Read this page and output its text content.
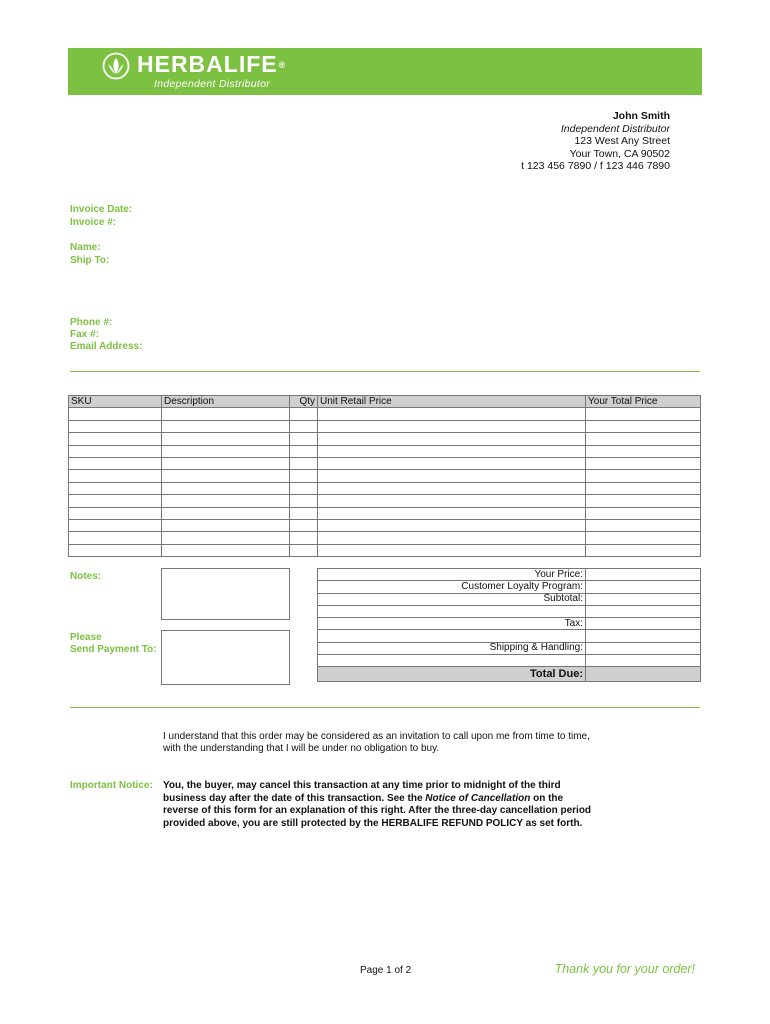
HERBALIFE®
Independent Distributor
John Smith
Independent Distributor
123 West Any Street
Your Town, CA 90502
t 123 456 7890 / f 123 446 7890
Invoice Date:
Invoice #:
Name:
Ship To:
Phone #:
Fax #:
Email Address:
SKU	Description	Qty	Unit Retail Price	Your Total Price

Notes:
Please
Send Payment To:
Your Price:	
Customer Loyalty Program:	
Subtotal:	

Tax:	

Shipping & Handling:	

Total Due:	
I understand that this order may be considered as an invitation to call upon me from time to time, with the understanding that I will be under no obligation to buy.
Important Notice: You, the buyer, may cancel this transaction at any time prior to midnight of the third business day after the date of this transaction. See the Notice of Cancellation on the reverse of this form for an explanation of this right. After the three-day cancellation period provided above, you are still protected by the HERBALIFE REFUND POLICY as set forth.
Page 1 of 2	Thank you for your order!
